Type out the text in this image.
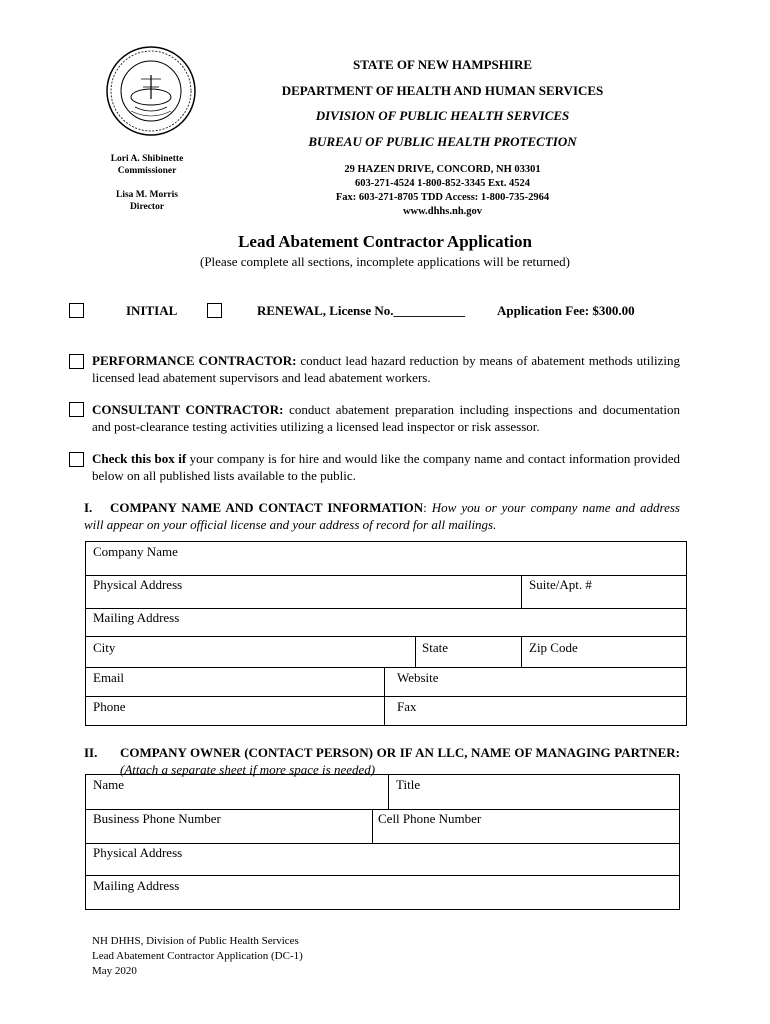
STATE OF NEW HAMPSHIRE
DEPARTMENT OF HEALTH AND HUMAN SERVICES
DIVISION OF PUBLIC HEALTH SERVICES
BUREAU OF PUBLIC HEALTH PROTECTION
29 HAZEN DRIVE, CONCORD, NH 03301
603-271-4524 1-800-852-3345 Ext. 4524
Fax: 603-271-8705 TDD Access: 1-800-735-2964
www.dhhs.nh.gov
Lori A. Shibinette
Commissioner
Lisa M. Morris
Director
Lead Abatement Contractor Application
(Please complete all sections, incomplete applications will be returned)
INITIAL	RENEWAL, License No.___________ Application Fee: $300.00
PERFORMANCE CONTRACTOR: conduct lead hazard reduction by means of abatement methods utilizing licensed lead abatement supervisors and lead abatement workers.
CONSULTANT CONTRACTOR: conduct abatement preparation including inspections and documentation and post-clearance testing activities utilizing a licensed lead inspector or risk assessor.
Check this box if your company is for hire and would like the company name and contact information provided below on all published lists available to the public.
I. COMPANY NAME AND CONTACT INFORMATION: How you or your company name and address will appear on your official license and your address of record for all mailings.
Company Name
Physical Address	Suite/Apt. #
Mailing Address
City	State	Zip Code
Email	Website
Phone	Fax
II.	COMPANY OWNER (CONTACT PERSON) OR IF AN LLC, NAME OF MANAGING PARTNER: (Attach a separate sheet if more space is needed)
Name	Title
Business Phone Number	Cell Phone Number
Physical Address
Mailing Address
NH DHHS, Division of Public Health Services
Lead Abatement Contractor Application (DC-1)
May 2020
